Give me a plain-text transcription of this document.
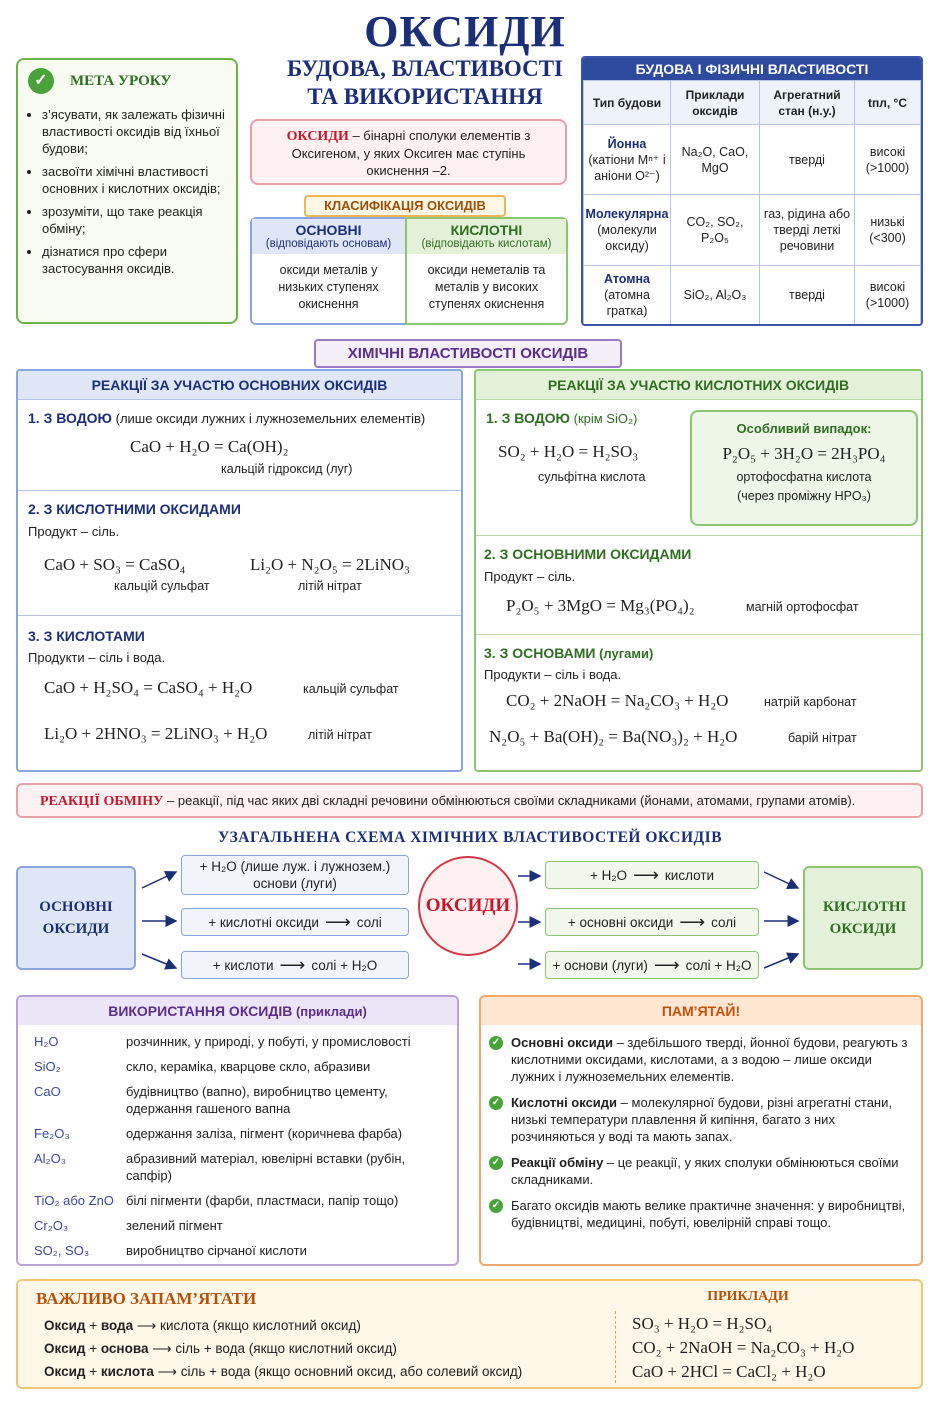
ОКСИДИ
БУДОВА, ВЛАСТИВОСТІ
ТА ВИКОРИСТАННЯ
✓	МЕТА УРОКУ
• з’ясувати, як залежать фізичні властивості оксидів від їхньої будови;
• засвоїти хімічні властивості основних і кислотних оксидів;
• зрозуміти, що таке реакція обміну;
• дізнатися про сфери застосування оксидів.
ОКСИДИ – бінарні сполуки елементів з Оксигеном, у яких Оксиген має ступінь окиснення –2.
КЛАСИФІКАЦІЯ ОКСИДІВ
ОСНОВНІ
(відповідають основам)
оксиди металів у низьких ступенях окиснення
КИСЛОТНІ
(відповідають кислотам)
оксиди неметалів та металів у високих ступенях окиснення
БУДОВА І ФІЗИЧНІ ВЛАСТИВОСТІ
Тип будови	Приклади оксидів	Агрегатний стан (н.у.)	tпл, °C

Йонна
(катіони Mⁿ⁺ і аніони O²⁻)	Na₂O, CaO, MgO	тверді	високі (>1000)

Молекулярна
(молекули оксиду)	CO₂, SO₂, P₂O₅	газ, рідина або тверді леткі речовини	низькі (<300)

Атомна
(атомна гратка)	SiO₂, Al₂O₃	тверді	високі (>1000)
ХІМІЧНІ ВЛАСТИВОСТІ ОКСИДІВ
РЕАКЦІЇ ЗА УЧАСТЮ ОСНОВНИХ ОКСИДІВ
1. З ВОДОЮ (лише оксиди лужних і лужноземельних елементів)
CaO + H₂O = Ca(OH)₂
кальцій гідроксид (луг)
2. З КИСЛОТНИМИ ОКСИДАМИ
Продукт – сіль.
CaO + SO₃ = CaSO₄
кальцій сульфат
Li₂O + N₂O₅ = 2LiNO₃
літій нітрат
3. З КИСЛОТАМИ
Продукти – сіль і вода.
CaO + H₂SO₄ = CaSO₄ + H₂O	кальцій сульфат
Li₂O + 2HNO₃ = 2LiNO₃ + H₂O	літій нітрат
РЕАКЦІЇ ЗА УЧАСТЮ КИСЛОТНИХ ОКСИДІВ
1. З ВОДОЮ (крім SiO₂)
SO₂ + H₂O = H₂SO₃
сульфітна кислота
Особливий випадок:
P₂O₅ + 3H₂O = 2H₃PO₄
ортофосфатна кислота
(через проміжну HPO₃)
2. З ОСНОВНИМИ ОКСИДАМИ
Продукт – сіль.
P₂O₅ + 3MgO = Mg₃(PO₄)₂	магній ортофосфат
3. З ОСНОВАМИ (лугами)
Продукти – сіль і вода.
CO₂ + 2NaOH = Na₂CO₃ + H₂O	натрій карбонат
N₂O₅ + Ba(OH)₂ = Ba(NO₃)₂ + H₂O	барій нітрат
РЕАКЦІЇ ОБМІНУ – реакції, під час яких дві складні речовини обмінюються своїми складниками (йонами, атомами, групами атомів).
УЗАГАЛЬНЕНА СХЕМА ХІМІЧНИХ ВЛАСТИВОСТЕЙ ОКСИДІВ
ОСНОВНІ ОКСИДИ
+ H₂O (лише луж. і лужнозем.)
основи (луги)
+ кислотні оксиди ⟶ солі
+ кислоти ⟶ солі + H₂O
ОКСИДИ
+ H₂O ⟶ кислоти
+ основні оксиди ⟶ солі
+ основи (луги) ⟶ солі + H₂O
КИСЛОТНІ ОКСИДИ
ВИКОРИСТАННЯ ОКСИДІВ (приклади)
H₂O	розчинник, у природі, у побуті, у промисловості
SiO₂	скло, кераміка, кварцове скло, абразиви
CaO	будівництво (вапно), виробництво цементу, одержання гашеного вапна
Fe₂O₃	одержання заліза, пігмент (коричнева фарба)
Al₂O₃	абразивний матеріал, ювелірні вставки (рубін, сапфір)
TiO₂ або ZnO білі пігменти (фарби, пластмаси, папір тощо)
Cr₂O₃	зелений пігмент
SO₂, SO₃	виробництво сірчаної кислоти
ПАМ’ЯТАЙ!
✓ Основні оксиди – здебільшого тверді, йонної будови, реагують з кислотними оксидами, кислотами, а з водою – лише оксиди лужних і лужноземельних елементів.
✓ Кислотні оксиди – молекулярної будови, різні агрегатні стани, низькі температури плавлення й кипіння, багато з них розчиняються у воді та мають запах.
✓ Реакції обміну – це реакції, у яких сполуки обмінюються своїми складниками.
✓ Багато оксидів мають велике практичне значення: у виробництві, будівництві, медицині, побуті, ювелірній справі тощо.
ВАЖЛИВО ЗАПАМ’ЯТАТИ
Оксид + вода ⟶ кислота (якщо кислотний оксид)
Оксид + основа ⟶ сіль + вода (якщо кислотний оксид)
Оксид + кислота ⟶ сіль + вода (якщо основний оксид, або солевий оксид)
ПРИКЛАДИ
SO₃ + H₂O = H₂SO₄
CO₂ + 2NaOH = Na₂CO₃ + H₂O
CaO + 2HCl = CaCl₂ + H₂O
